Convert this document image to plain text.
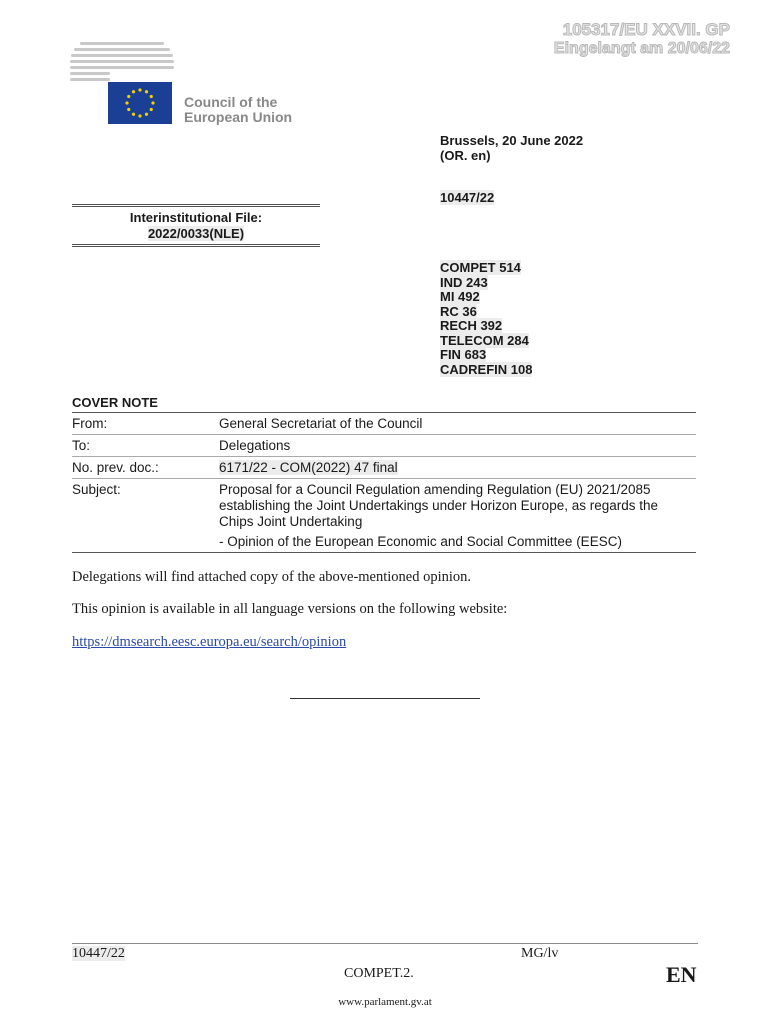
105317/EU XXVII. GP
Eingelangt am 20/06/22
Council of the
European Union
Brussels, 20 June 2022
(OR. en)
10447/22
Interinstitutional File:
2022/0033(NLE)
COMPET 514
IND 243
MI 492
RC 36
RECH 392
TELECOM 284
FIN 683
CADREFIN 108
COVER NOTE
From:	General Secretariat of the Council
To:	Delegations
No. prev. doc.:	6171/22 - COM(2022) 47 final
Subject:	Proposal for a Council Regulation amending Regulation (EU) 2021/2085 establishing the Joint Undertakings under Horizon Europe, as regards the Chips Joint Undertaking
- Opinion of the European Economic and Social Committee (EESC)
Delegations will find attached copy of the above-mentioned opinion.
This opinion is available in all language versions on the following website:
https://dmsearch.eesc.europa.eu/search/opinion
10447/22	MG/lv
COMPET.2.	EN
www.parlament.gv.at
